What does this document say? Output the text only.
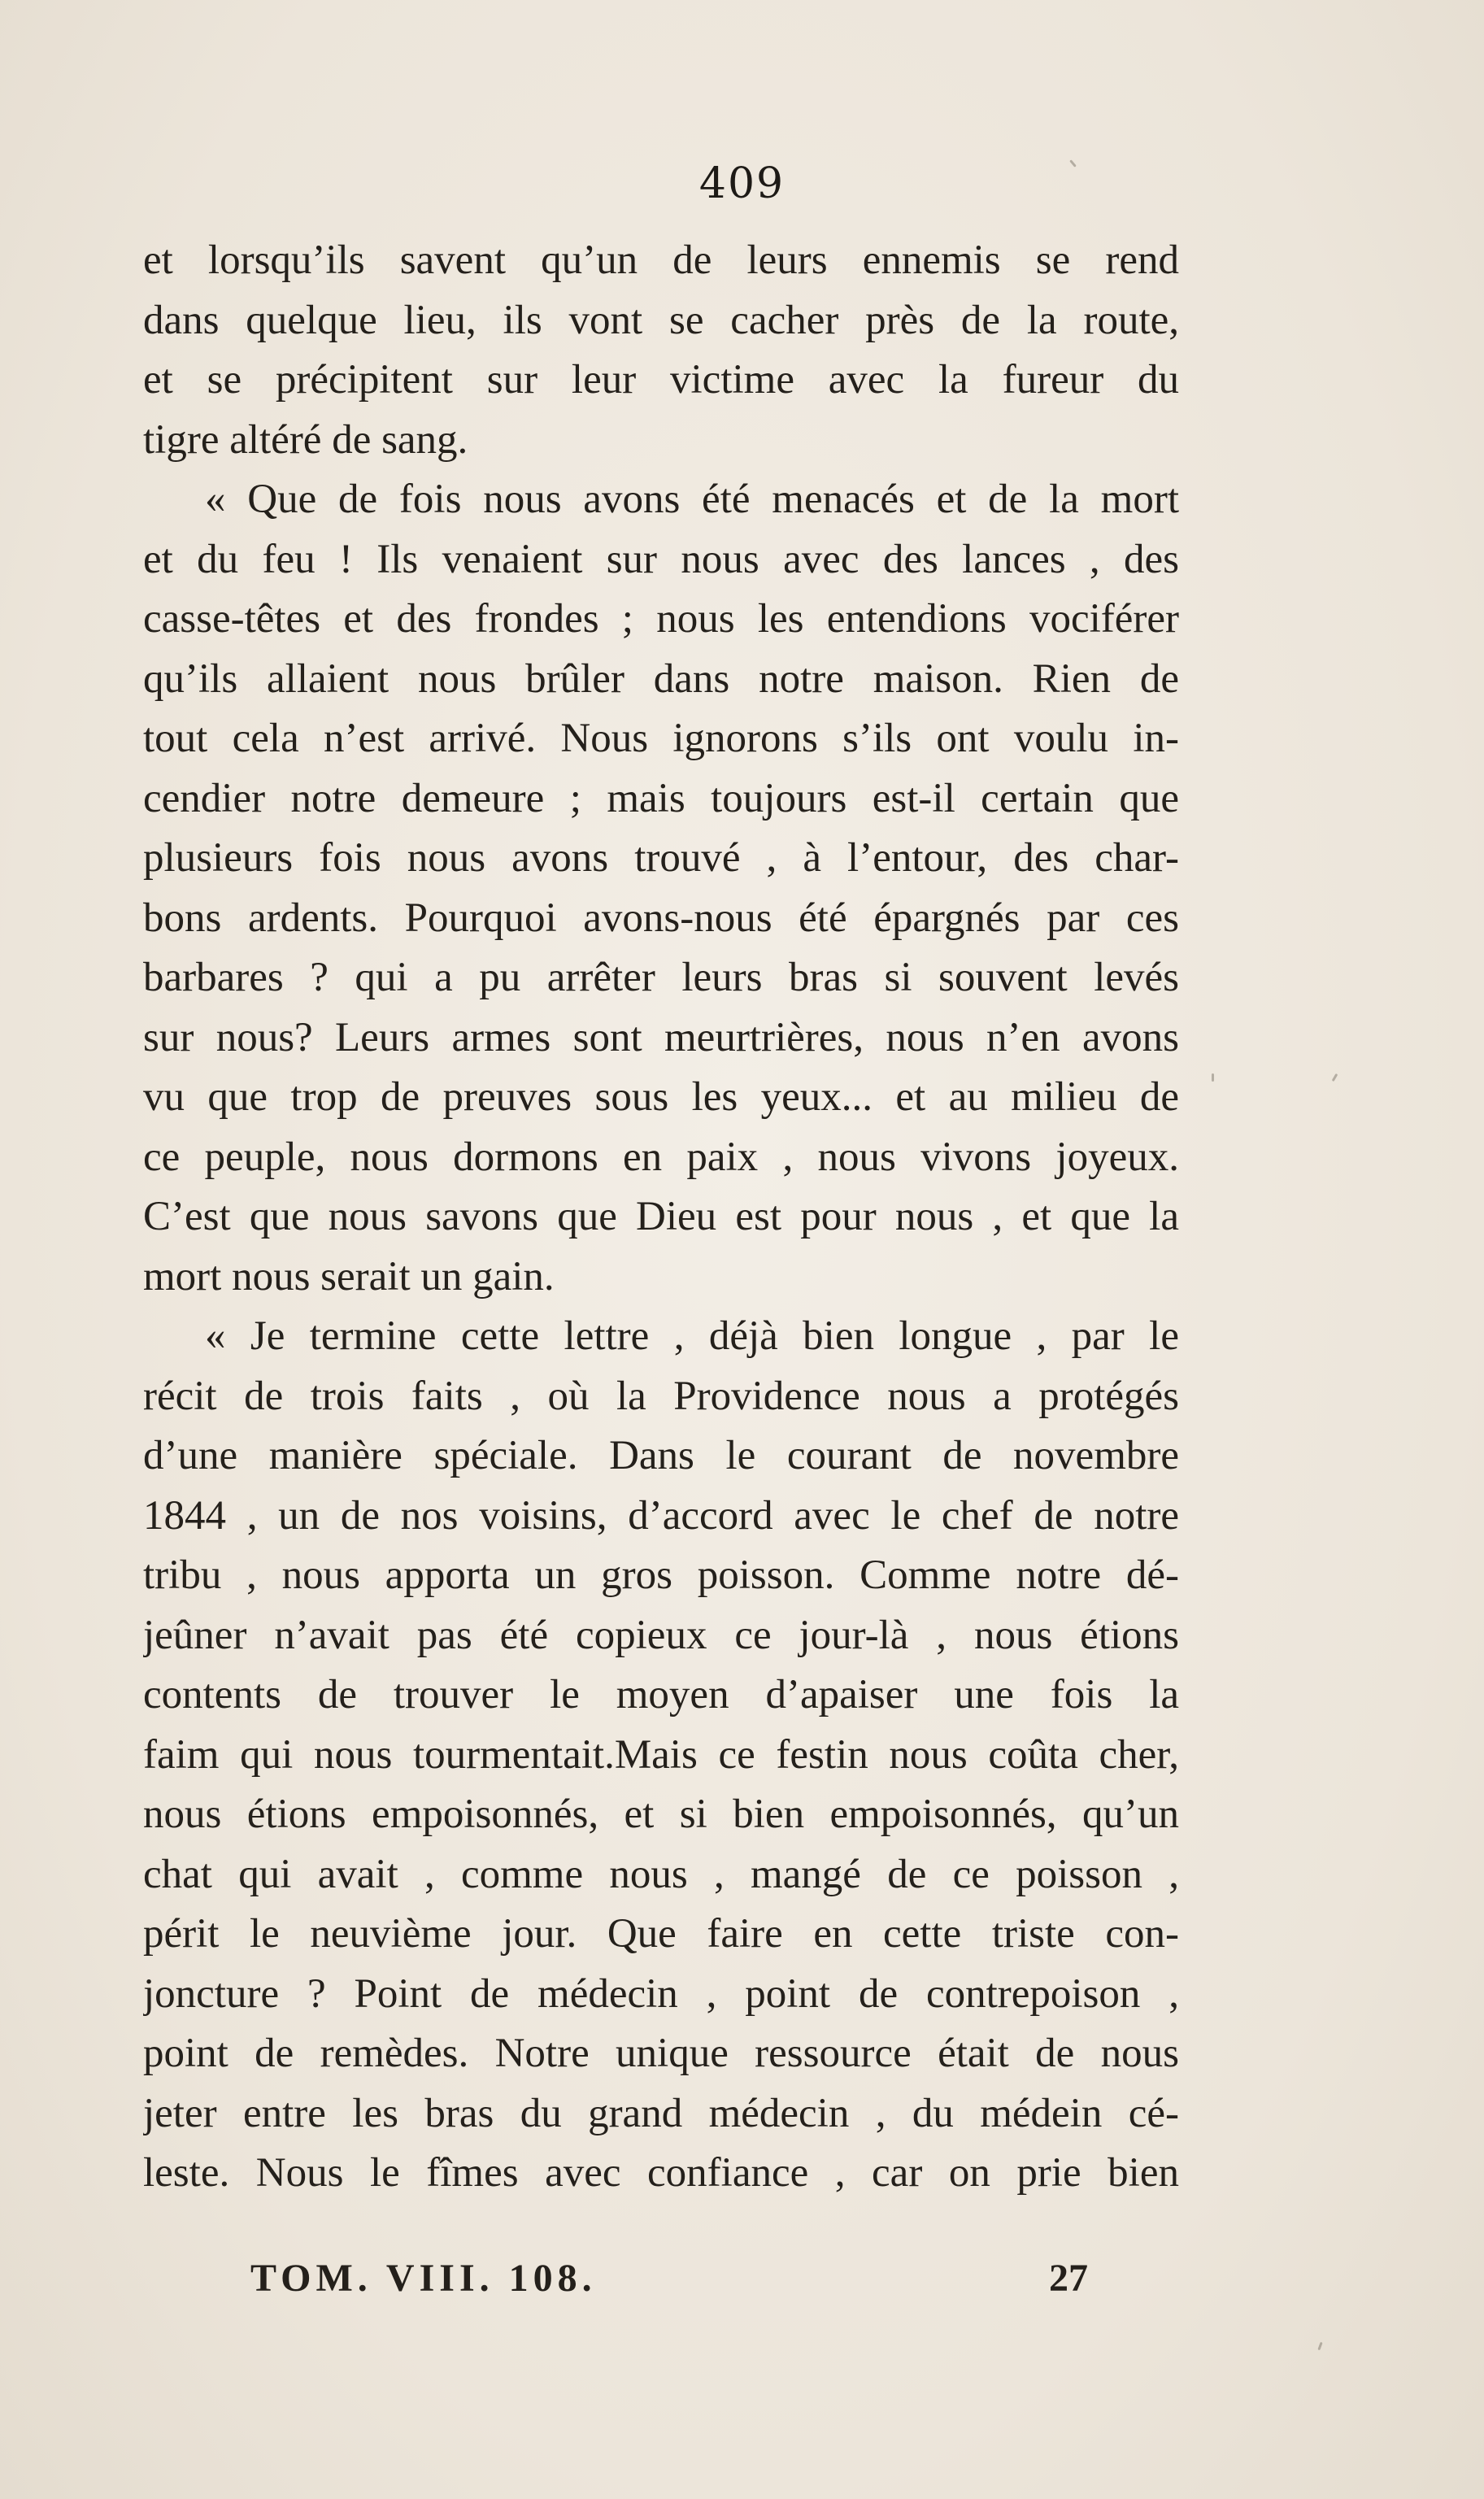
409
et lorsqu’ils savent qu’un de leurs ennemis se rend
dans quelque lieu, ils vont se cacher près de la route,
et se précipitent sur leur victime avec la fureur du
tigre altéré de sang.
« Que de fois nous avons été menacés et de la mort
et du feu ! Ils venaient sur nous avec des lances , des
casse-têtes et des frondes ; nous les entendions vociférer
qu’ils allaient nous brûler dans notre maison. Rien de
tout cela n’est arrivé. Nous ignorons s’ils ont voulu in-
cendier notre demeure ; mais toujours est-il certain que
plusieurs fois nous avons trouvé , à l’entour, des char-
bons ardents. Pourquoi avons-nous été épargnés par ces
barbares ? qui a pu arrêter leurs bras si souvent levés
sur nous? Leurs armes sont meurtrières, nous n’en avons
vu que trop de preuves sous les yeux... et au milieu de
ce peuple, nous dormons en paix , nous vivons joyeux.
C’est que nous savons que Dieu est pour nous , et que la
mort nous serait un gain.
« Je termine cette lettre , déjà bien longue , par le
récit de trois faits , où la Providence nous a protégés
d’une manière spéciale. Dans le courant de novembre
1844 , un de nos voisins, d’accord avec le chef de notre
tribu , nous apporta un gros poisson. Comme notre dé-
jeûner n’avait pas été copieux ce jour-là , nous étions
contents de trouver le moyen d’apaiser une fois la
faim qui nous tourmentait.Mais ce festin nous coûta cher,
nous étions empoisonnés, et si bien empoisonnés, qu’un
chat qui avait , comme nous , mangé de ce poisson ,
périt le neuvième jour. Que faire en cette triste con-
joncture ? Point de médecin , point de contrepoison ,
point de remèdes. Notre unique ressource était de nous
jeter entre les bras du grand médecin , du médein cé-
leste. Nous le fîmes avec confiance , car on prie bien
TOM. VIII. 108.	27
